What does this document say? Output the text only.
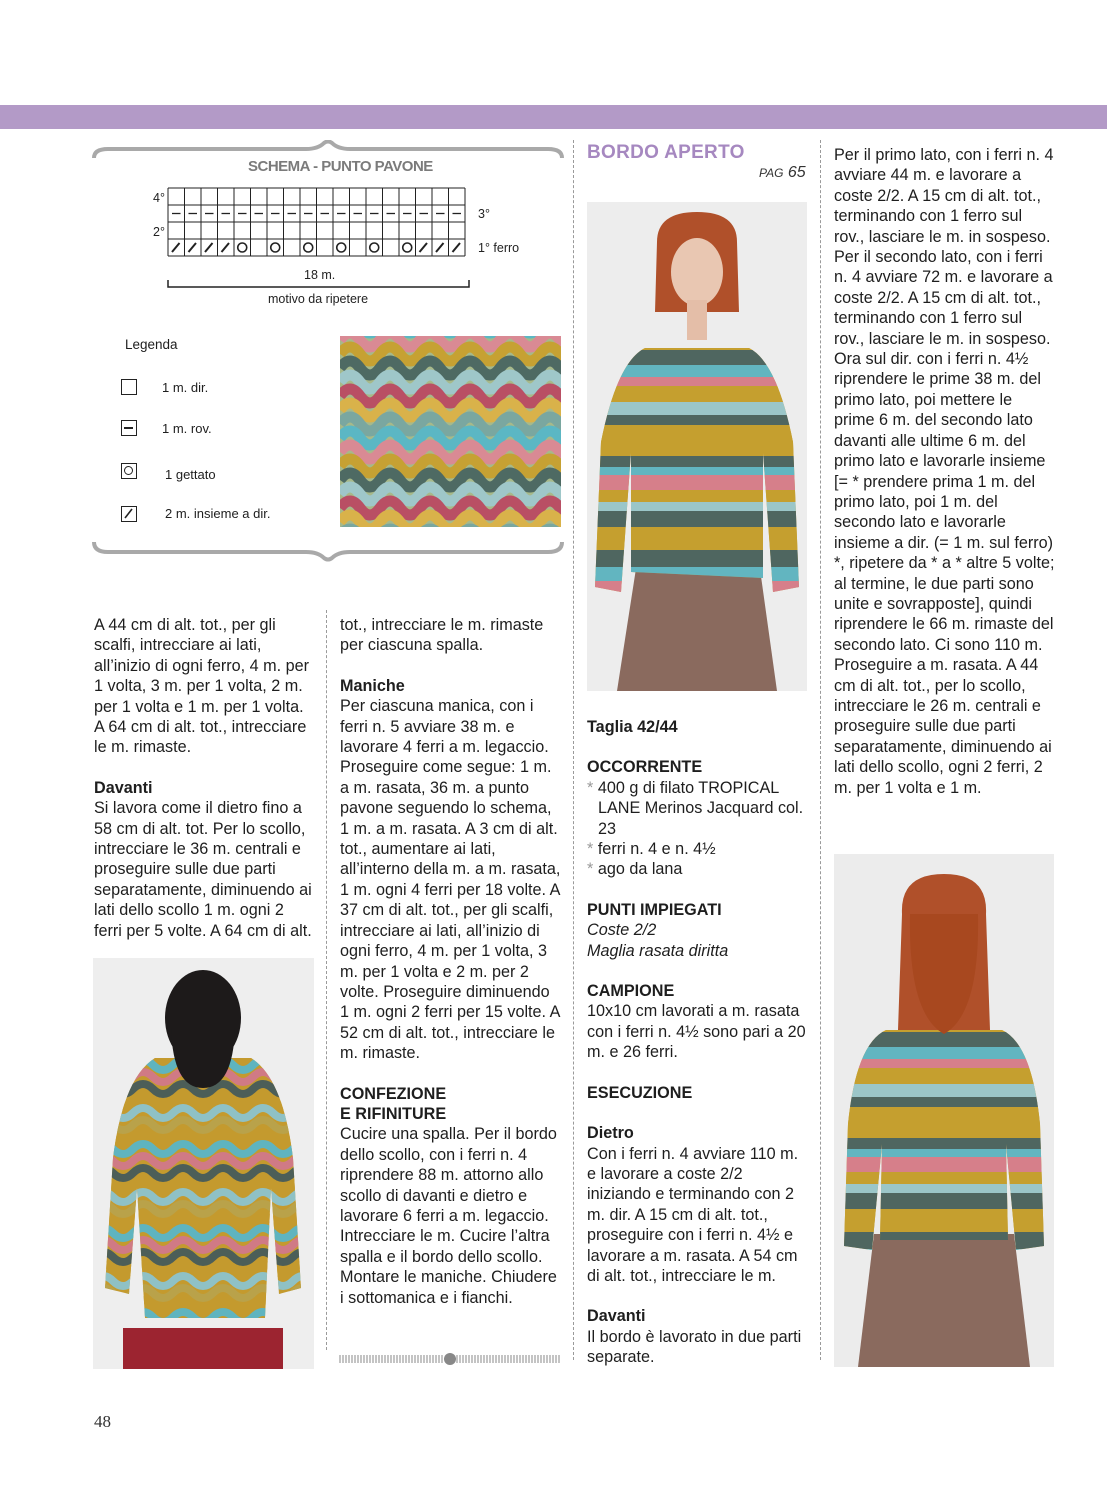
SCHEMA - PUNTO PAVONE
4°
2°
3°
1° ferro
18 m.
motivo da ripetere
Legenda
1 m. dir.
1 m. rov.
1 gettato
2 m. insieme a dir.

A 44 cm di alt. tot., per gli scalfi, intrecciare ai lati, all’inizio di ogni ferro, 4 m. per 1 volta, 3 m. per 1 volta, 2 m. per 1 volta e 1 m. per 1 volta. A 64 cm di alt. tot., intrecciare le m. rimaste.

Davanti

Si lavora come il dietro fino a 58 cm di alt. tot. Per lo scollo, intrecciare le 36 m. centrali e proseguire sulle due parti separatamente, diminuendo ai lati dello scollo 1 m. ogni 2 ferri per 5 volte. A 64 cm di alt.

tot., intrecciare le m. rimaste per ciascuna spalla.

Maniche

Per ciascuna manica, con i ferri n. 5 avviare 38 m. e lavorare 4 ferri a m. legaccio. Proseguire come segue: 1 m. a m. rasata, 36 m. a punto pavone seguendo lo schema, 1 m. a m. rasata. A 3 cm di alt. tot., aumentare ai lati, all’interno della m. a m. rasata, 1 m. ogni 4 ferri per 18 volte. A 37 cm di alt. tot., per gli scalfi, intrecciare ai lati, all’inizio di ogni ferro, 4 m. per 1 volta, 3 m. per 1 volta e 2 m. per 2 volte. Proseguire diminuendo 1 m. ogni 2 ferri per 15 volte. A 52 cm di alt. tot., intrecciare le m. rimaste.

CONFEZIONE

E RIFINITURE

Cucire una spalla. Per il bordo dello scollo, con i ferri n. 4 riprendere 88 m. attorno allo scollo di davanti e dietro e lavorare 6 ferri a m. legaccio. Intrecciare le m. Cucire l’altra spalla e il bordo dello scollo. Montare le maniche. Chiudere i sottomanica e i fianchi.

BORDO APERTO
PAG 65

Taglia 42/44

OCCORRENTE

* 400 g di filato TROPICAL LANE Merinos Jacquard col. 23

* ferri n. 4 e n. 4½

* ago da lana

PUNTI IMPIEGATI

Coste 2/2

Maglia rasata diritta

CAMPIONE

10x10 cm lavorati a m. rasata con i ferri n. 4½ sono pari a 20 m. e 26 ferri.

ESECUZIONE

Dietro

Con i ferri n. 4 avviare 110 m. e lavorare a coste 2/2 iniziando e terminando con 2 m. dir. A 15 cm di alt. tot., proseguire con i ferri n. 4½ e lavorare a m. rasata. A 54 cm di alt. tot., intrecciare le m.

Davanti

Il bordo è lavorato in due parti separate.

Per il primo lato, con i ferri n. 4 avviare 44 m. e lavorare a coste 2/2. A 15 cm di alt. tot., terminando con 1 ferro sul rov., lasciare le m. in sospeso. Per il secondo lato, con i ferri n. 4 avviare 72 m. e lavorare a coste 2/2. A 15 cm di alt. tot., terminando con 1 ferro sul rov., lasciare le m. in sospeso. Ora sul dir. con i ferri n. 4½ riprendere le prime 38 m. del primo lato, poi mettere le prime 6 m. del secondo lato davanti alle ultime 6 m. del primo lato e lavorarle insieme [= * prendere prima 1 m. del primo lato, poi 1 m. del secondo lato e lavorarle insieme a dir. (= 1 m. sul ferro) *, ripetere da * a * altre 5 volte; al termine, le due parti sono unite e sovrapposte], quindi riprendere le 66 m. rimaste del secondo lato. Ci sono 110 m. Proseguire a m. rasata. A 44 cm di alt. tot., per lo scollo, intrecciare le 26 m. centrali e proseguire sulle due parti separatamente, diminuendo ai lati dello scollo, ogni 2 ferri, 2 m. per 1 volta e 1 m.

48
